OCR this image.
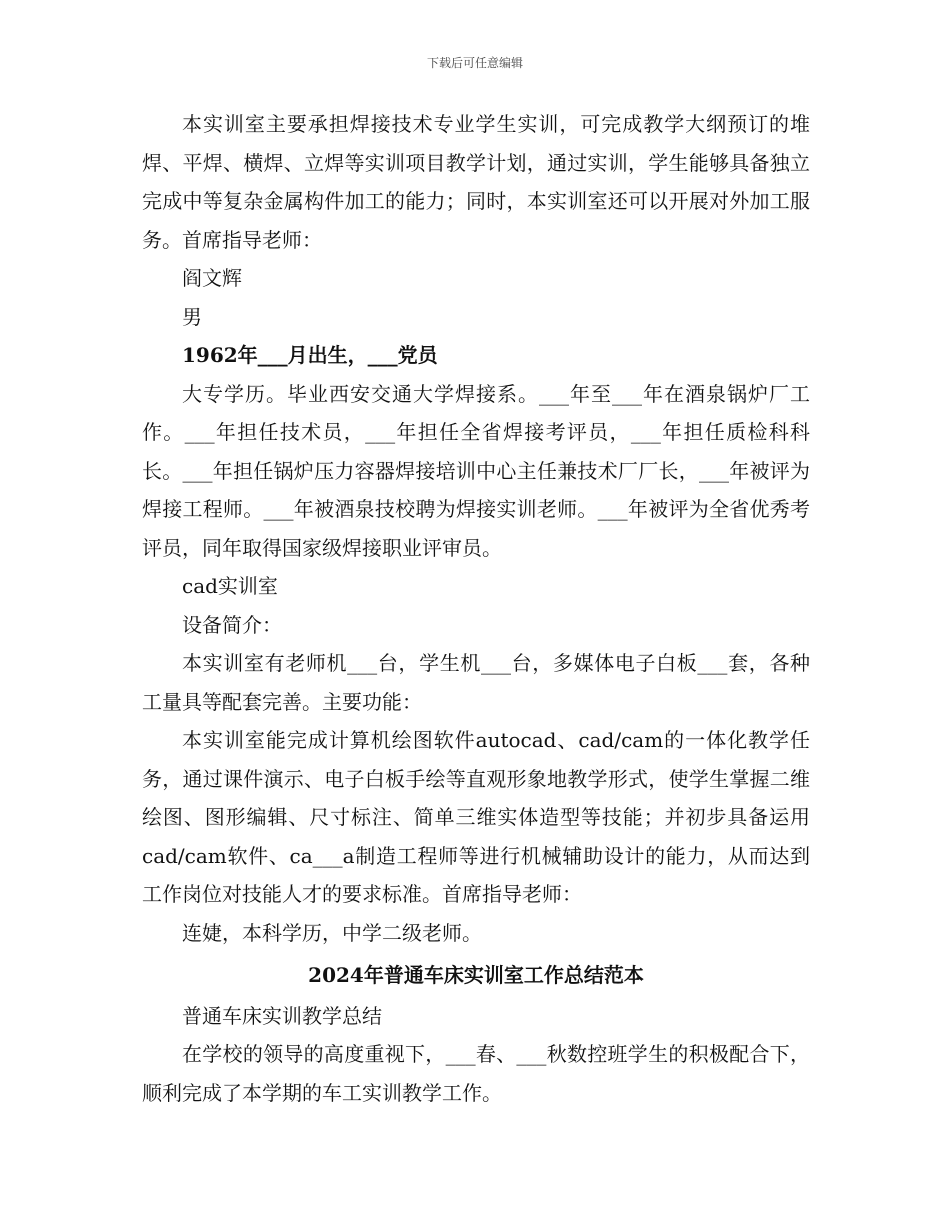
下载后可任意编辑

本实训室主要承担焊接技术专业学生实训，可完成教学大纲预订的堆焊、平焊、横焊、立焊等实训项目教学计划，通过实训，学生能够具备独立完成中等复杂金属构件加工的能力；同时，本实训室还可以开展对外加工服务。首席指导老师：

阎文辉

男

1962年___月出生，___党员

大专学历。毕业西安交通大学焊接系。___年至___年在酒泉锅炉厂工作。___年担任技术员，___年担任全省焊接考评员，___年担任质检科科长。___年担任锅炉压力容器焊接培训中心主任兼技术厂厂长，___年被评为焊接工程师。___年被酒泉技校聘为焊接实训老师。___年被评为全省优秀考评员，同年取得国家级焊接职业评审员。

cad实训室

设备简介：

本实训室有老师机___台，学生机___台，多媒体电子白板___套，各种工量具等配套完善。主要功能：

本实训室能完成计算机绘图软件autocad、cad/cam的一体化教学任务，通过课件演示、电子白板手绘等直观形象地教学形式，使学生掌握二维绘图、图形编辑、尺寸标注、简单三维实体造型等技能；并初步具备运用cad/cam软件、ca___a制造工程师等进行机械辅助设计的能力，从而达到工作岗位对技能人才的要求标准。首席指导老师：

连婕，本科学历，中学二级老师。

2024年普通车床实训室工作总结范本

普通车床实训教学总结

在学校的领导的高度重视下，___春、___秋数控班学生的积极配合下，顺利完成了本学期的车工实训教学工作。
